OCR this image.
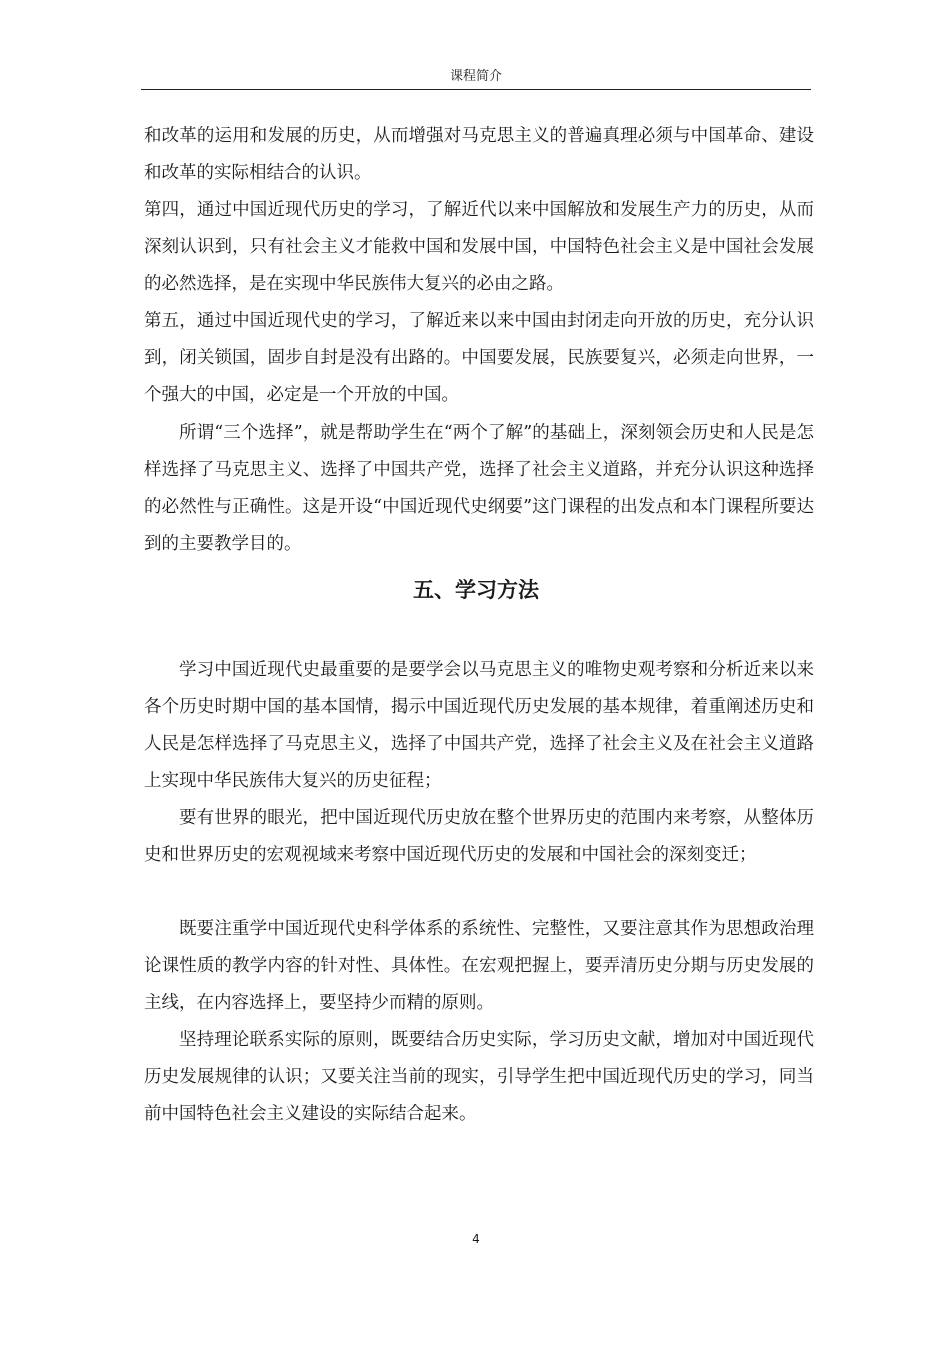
课程简介

和改革的运用和发展的历史，从而增强对马克思主义的普遍真理必须与中国革命、建设和改革的实际相结合的认识。

第四，通过中国近现代历史的学习，了解近代以来中国解放和发展生产力的历史，从而深刻认识到，只有社会主义才能救中国和发展中国，中国特色社会主义是中国社会发展的必然选择，是在实现中华民族伟大复兴的必由之路。

第五，通过中国近现代史的学习，了解近来以来中国由封闭走向开放的历史，充分认识到，闭关锁国，固步自封是没有出路的。中国要发展，民族要复兴，必须走向世界，一个强大的中国，必定是一个开放的中国。

所谓“三个选择”，就是帮助学生在“两个了解”的基础上，深刻领会历史和人民是怎样选择了马克思主义、选择了中国共产党，选择了社会主义道路，并充分认识这种选择的必然性与正确性。这是开设“中国近现代史纲要”这门课程的出发点和本门课程所要达到的主要教学目的。

五、学习方法

学习中国近现代史最重要的是要学会以马克思主义的唯物史观考察和分析近来以来各个历史时期中国的基本国情，揭示中国近现代历史发展的基本规律，着重阐述历史和人民是怎样选择了马克思主义，选择了中国共产党，选择了社会主义及在社会主义道路上实现中华民族伟大复兴的历史征程；

要有世界的眼光，把中国近现代历史放在整个世界历史的范围内来考察，从整体历史和世界历史的宏观视域来考察中国近现代历史的发展和中国社会的深刻变迁；

既要注重学中国近现代史科学体系的系统性、完整性，又要注意其作为思想政治理论课性质的教学内容的针对性、具体性。在宏观把握上，要弄清历史分期与历史发展的主线，在内容选择上，要坚持少而精的原则。

坚持理论联系实际的原则，既要结合历史实际，学习历史文献，增加对中国近现代历史发展规律的认识；又要关注当前的现实，引导学生把中国近现代历史的学习，同当前中国特色社会主义建设的实际结合起来。

4
